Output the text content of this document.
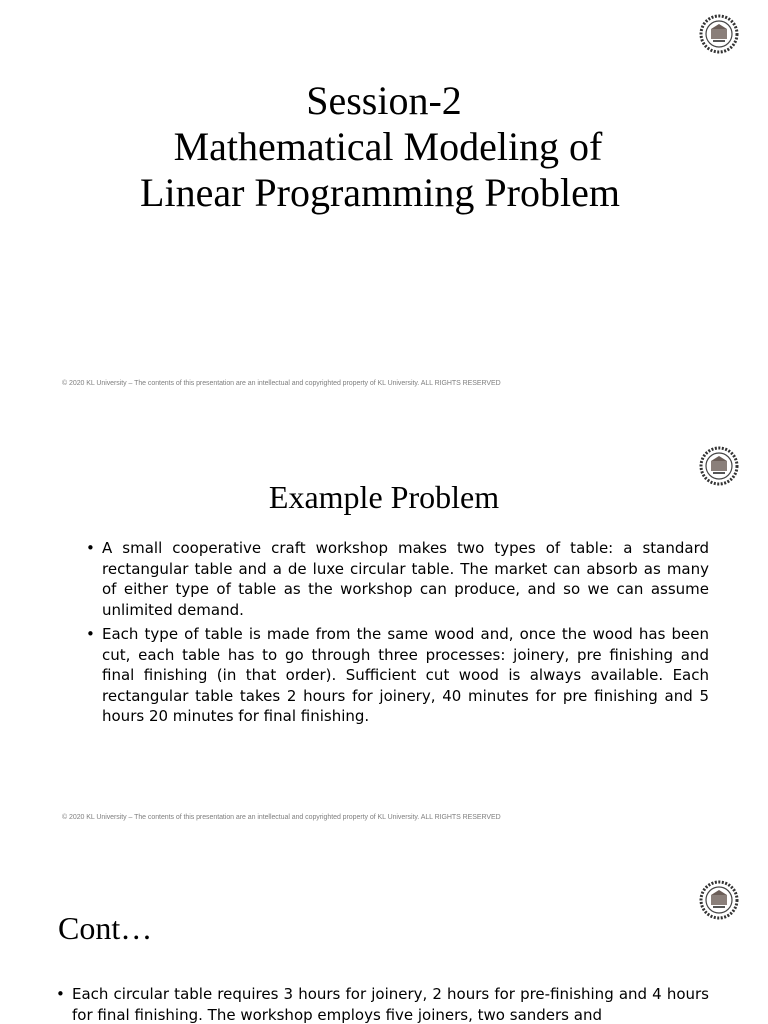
Session-2
Mathematical Modeling of
Linear Programming Problem
© 2020 KL University – The contents of this presentation are an intellectual and copyrighted property of KL University. ALL RIGHTS RESERVED
Example Problem
• A small cooperative craft workshop makes two types of table: a standard rectangular table and a de luxe circular table. The market can absorb as many of either type of table as the workshop can produce, and so we can assume unlimited demand.
• Each type of table is made from the same wood and, once the wood has been cut, each table has to go through three processes: joinery, pre finishing and final finishing (in that order). Sufficient cut wood is always available. Each rectangular table takes 2 hours for joinery, 40 minutes for pre finishing and 5 hours 20 minutes for final finishing.
© 2020 KL University – The contents of this presentation are an intellectual and copyrighted property of KL University. ALL RIGHTS RESERVED
Cont…
• Each circular table requires 3 hours for joinery, 2 hours for pre-finishing and 4 hours for final finishing. The workshop employs five joiners, two sanders and
